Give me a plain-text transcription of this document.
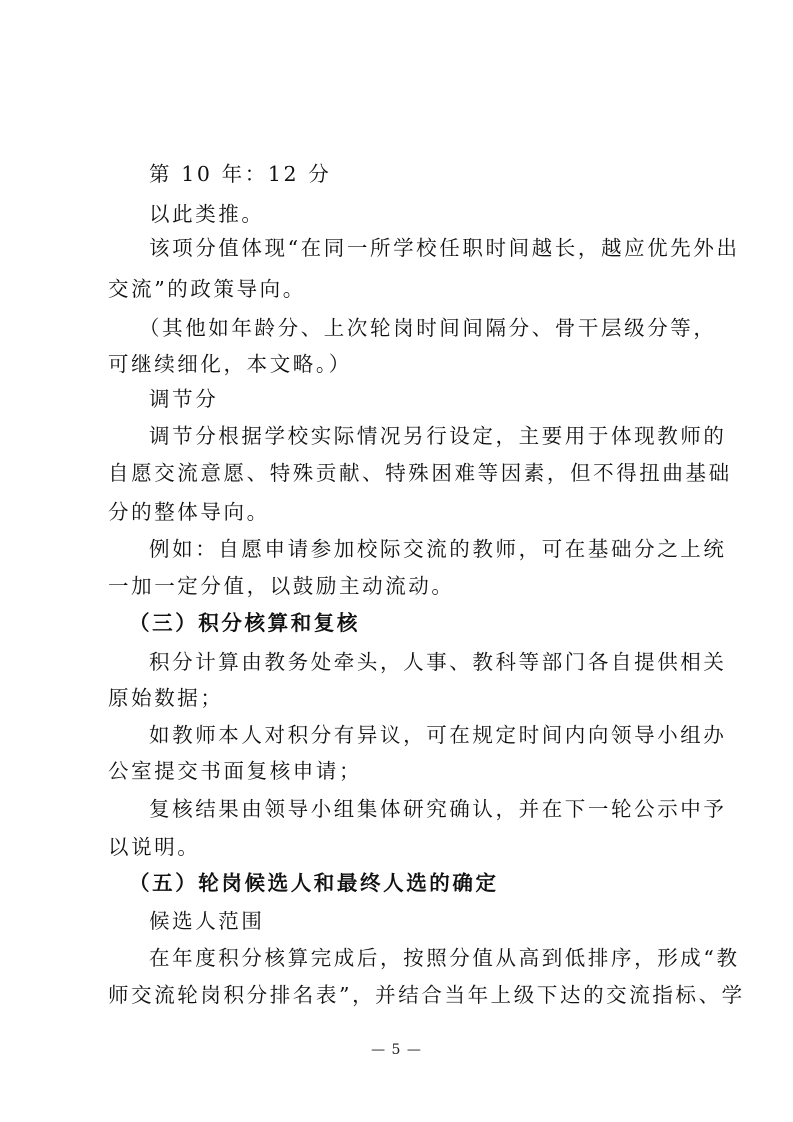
第 10 年：12 分
以此类推。
该项分值体现“在同一所学校任职时间越长，越应优先外出
交流”的政策导向。
（其他如年龄分、上次轮岗时间间隔分、骨干层级分等，
可继续细化，本文略。）
调节分
调节分根据学校实际情况另行设定，主要用于体现教师的
自愿交流意愿、特殊贡献、特殊困难等因素，但不得扭曲基础
分的整体导向。
例如：自愿申请参加校际交流的教师，可在基础分之上统
一加一定分值，以鼓励主动流动。
（三）积分核算和复核
积分计算由教务处牵头，人事、教科等部门各自提供相关
原始数据；
如教师本人对积分有异议，可在规定时间内向领导小组办
公室提交书面复核申请；
复核结果由领导小组集体研究确认，并在下一轮公示中予
以说明。
（五）轮岗候选人和最终人选的确定
候选人范围
在年度积分核算完成后，按照分值从高到低排序，形成“教
师交流轮岗积分排名表”，并结合当年上级下达的交流指标、学
— 5 —
